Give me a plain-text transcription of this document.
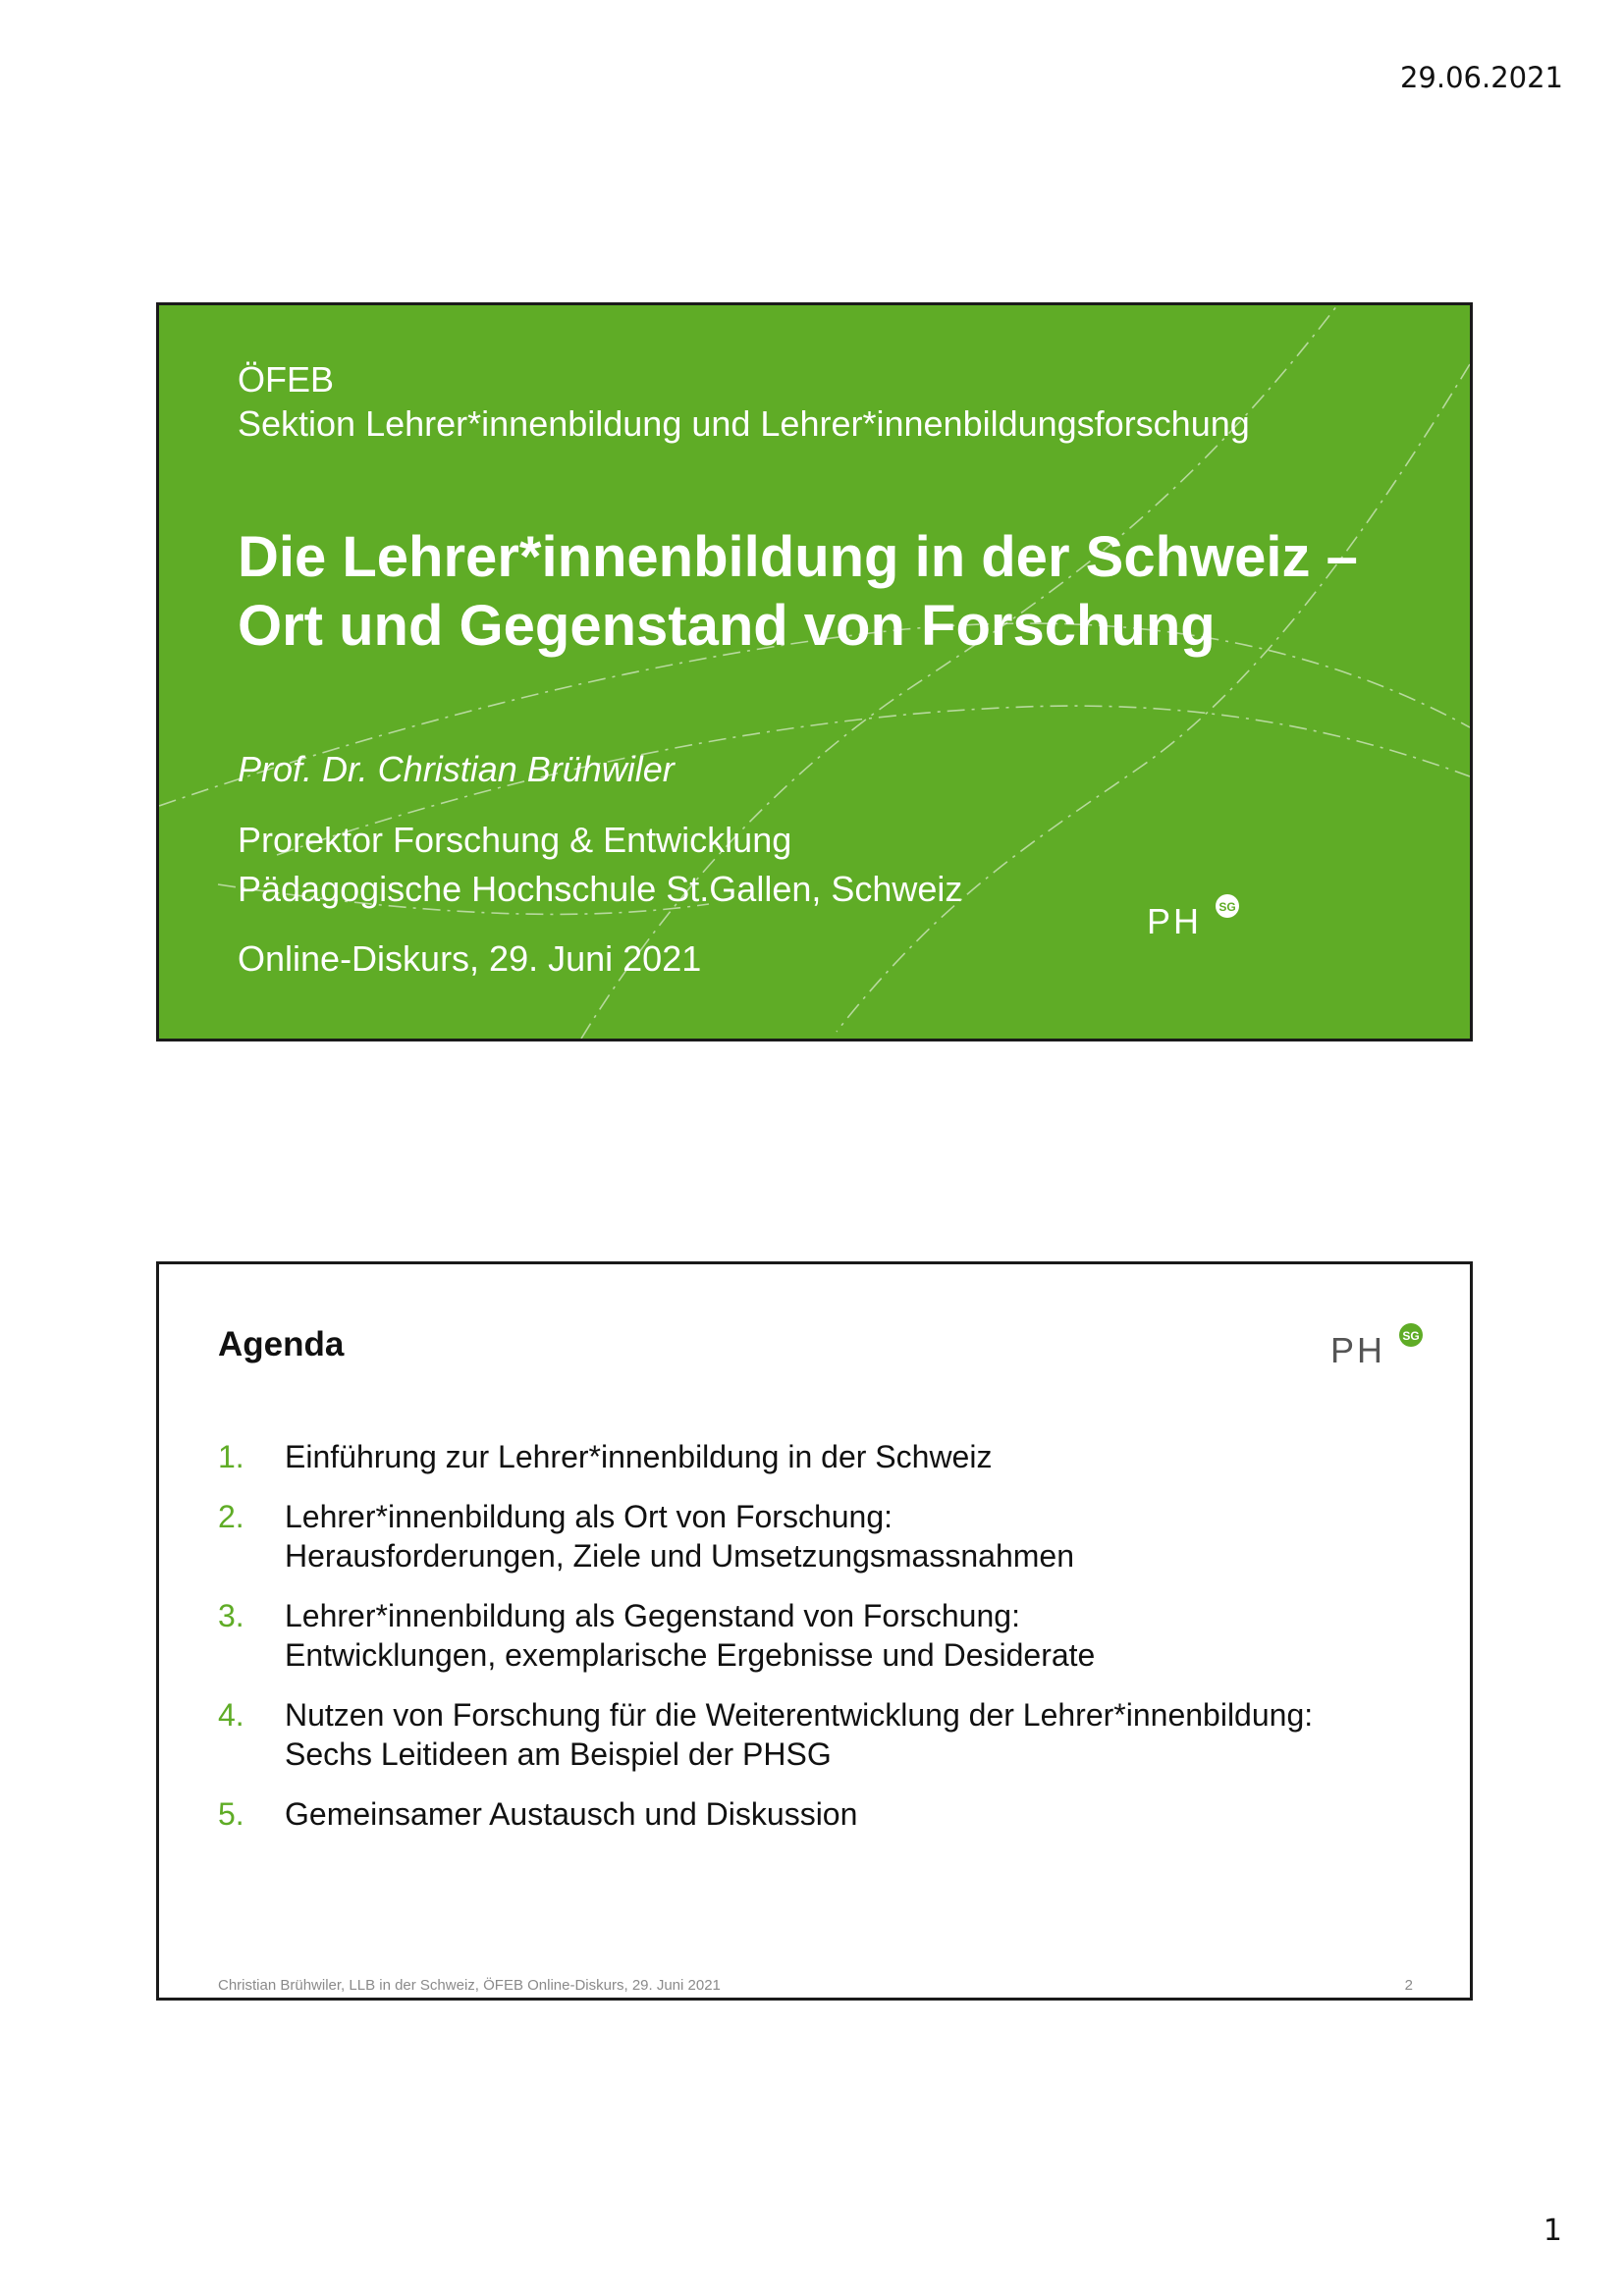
29.06.2021
ÖFEB
Sektion Lehrer*innenbildung und Lehrer*innenbildungsforschung
Die Lehrer*innenbildung in der Schweiz –
Ort und Gegenstand von Forschung
Prof. Dr. Christian Brühwiler
Prorektor Forschung & Entwicklung
Pädagogische Hochschule St.Gallen, Schweiz
Online-Diskurs, 29. Juni 2021
PH SG
Agenda	PH SG
1.	Einführung zur Lehrer*innenbildung in der Schweiz
2.	Lehrer*innenbildung als Ort von Forschung:
Herausforderungen, Ziele und Umsetzungsmassnahmen
3.	Lehrer*innenbildung als Gegenstand von Forschung:
Entwicklungen, exemplarische Ergebnisse und Desiderate
4.	Nutzen von Forschung für die Weiterentwicklung der Lehrer*innenbildung:
Sechs Leitideen am Beispiel der PHSG
5.	Gemeinsamer Austausch und Diskussion
Christian Brühwiler, LLB in der Schweiz, ÖFEB Online-Diskurs, 29. Juni 2021	2
1
